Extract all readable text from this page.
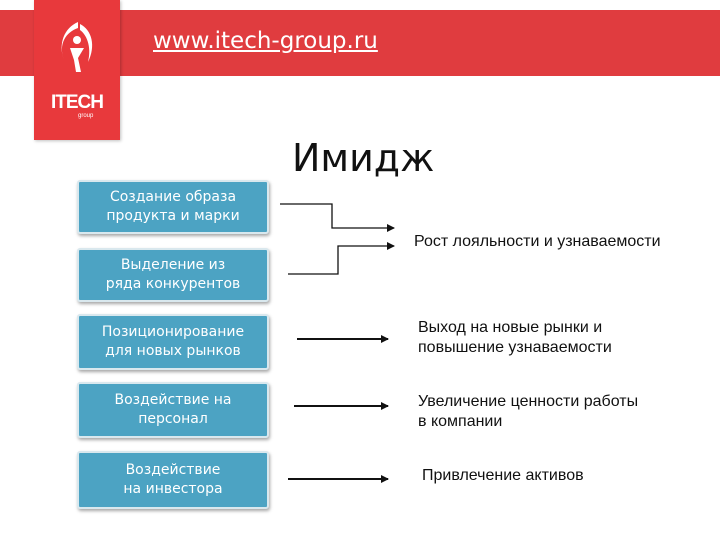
www.itech-group.ru
ITECH
group
Имидж
Создание образа
продукта и марки
Выделение из
ряда конкурентов
Позиционирование
для новых рынков
Воздействие на
персонал
Воздействие
на инвестора
Рост лояльности и узнаваемости
Выход на новые рынки и
повышение узнаваемости
Увеличение ценности работы
в компании
Привлечение активов
